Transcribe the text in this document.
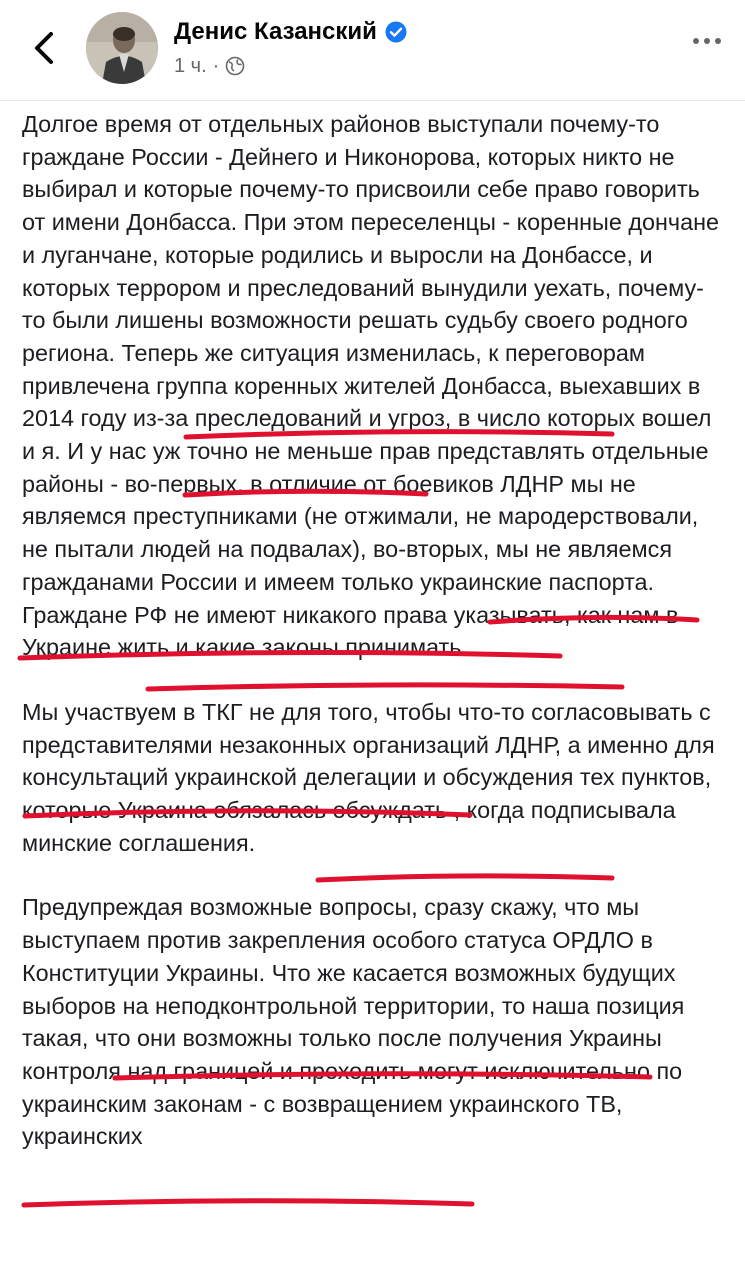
Денис Казанский
1 ч. ·

Долгое время от отдельных районов выступали почему-то граждане России - Дейнего и Никонорова, которых никто не выбирал и которые почему-то присвоили себе право говорить от имени Донбасса. При этом переселенцы - коренные дончане и луганчане, которые родились и выросли на Донбассе, и которых террором и преследований вынудили уехать, почему-то были лишены возможности решать судьбу своего родного региона. Теперь же ситуация изменилась, к переговорам привлечена группа коренных жителей Донбасса, выехавших в 2014 году из-за преследований и угроз, в число которых вошел и я. И у нас уж точно не меньше прав представлять отдельные районы - во-первых, в отличие от боевиков ЛДНР мы не являемся преступниками (не отжимали, не мародерствовали, не пытали людей на подвалах), во-вторых, мы не являемся гражданами России и имеем только украинские паспорта. Граждане РФ не имеют никакого права указывать, как нам в Украине жить и какие законы принимать.

Мы участвуем в ТКГ не для того, чтобы что-то согласовывать с представителями незаконных организаций ЛДНР, а именно для консультаций украинской делегации и обсуждения тех пунктов, которые Украина обязалась обсуждать , когда подписывала минские соглашения.

Предупреждая возможные вопросы, сразу скажу, что мы  выступаем против закрепления особого статуса ОРДЛО в Конституции Украины. Что же касается возможных будущих выборов на неподконтрольной территории, то наша позиция такая, что они возможны только после получения Украины контроля над границей и проходить могут исключительно по украинским законам - с возвращением украинского ТВ, украинских
